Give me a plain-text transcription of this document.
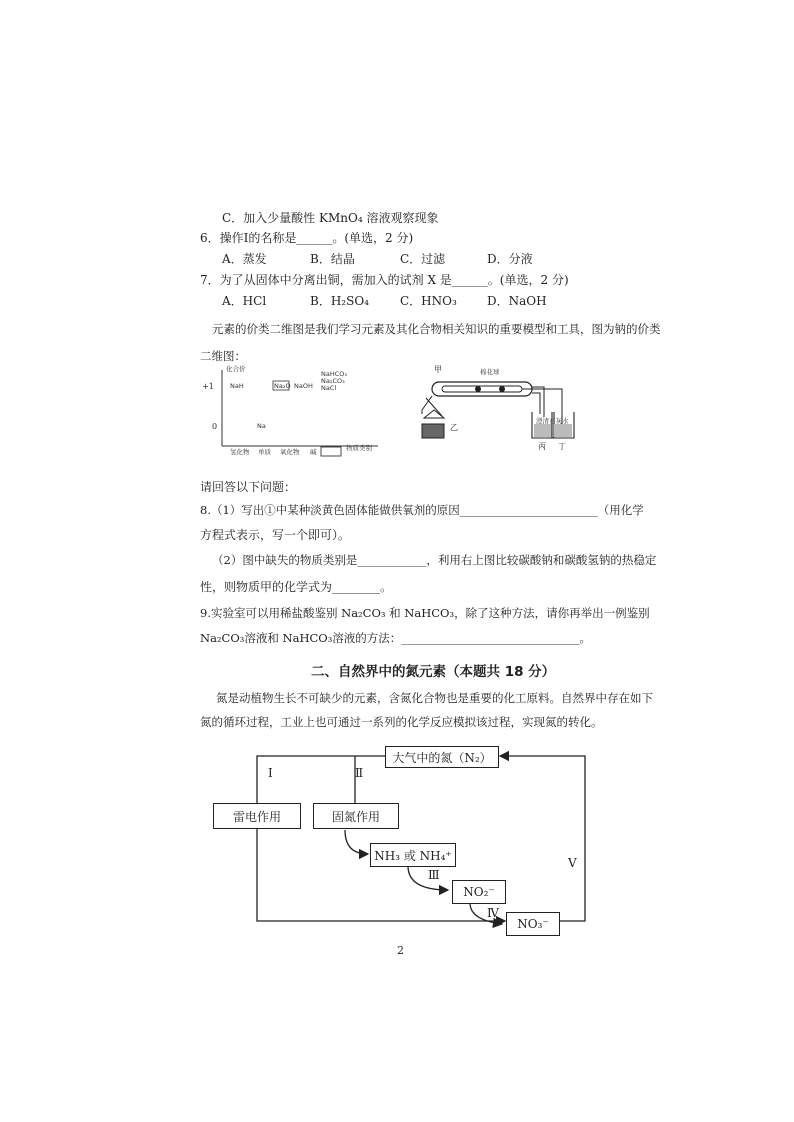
C．加入少量酸性 KMnO₄ 溶液观察现象
6．操作Ⅰ的名称是______。(单选，2 分)
A．蒸发	B．结晶	C．过滤	D．分液
7．为了从固体中分离出铜，需加入的试剂 X 是______。(单选，2 分)
A．HCl	B．H₂SO₄	C．HNO₃	D．NaOH
元素的价类二维图是我们学习元素及其化合物相关知识的重要模型和工具，图为钠的价类
二维图：
化合价
+1
0
NaH	Na₂O NaOH
NaHCO₃
Na₂CO₃
NaCl
Na
氢化物 单质 氧化物 碱	物质类别
甲	棉花球
乙
澄清石灰水
丙 丁
请回答以下问题：
8.（1）写出①中某种淡黄色固体能做供氧剂的原因________________________（用化学
方程式表示，写一个即可）。
（2）图中缺失的物质类别是____________，利用右上图比较碳酸钠和碳酸氢钠的热稳定
性，则物质甲的化学式为________。
9.实验室可以用稀盐酸鉴别 Na₂CO₃ 和 NaHCO₃，除了这种方法，请你再举出一例鉴别
Na₂CO₃溶液和 NaHCO₃溶液的方法：_______________________________。
二、自然界中的氮元素（本题共 18 分）
氮是动植物生长不可缺少的元素，含氮化合物也是重要的化工原料。自然界中存在如下
氮的循环过程，工业上也可通过一系列的化学反应模拟该过程，实现氮的转化。
大气中的氮（N₂）
雷电作用	固氮作用
NH₃ 或 NH₄⁺
NO₂⁻
NO₃⁻
Ⅰ	Ⅱ
Ⅲ
Ⅳ
Ⅴ
2
